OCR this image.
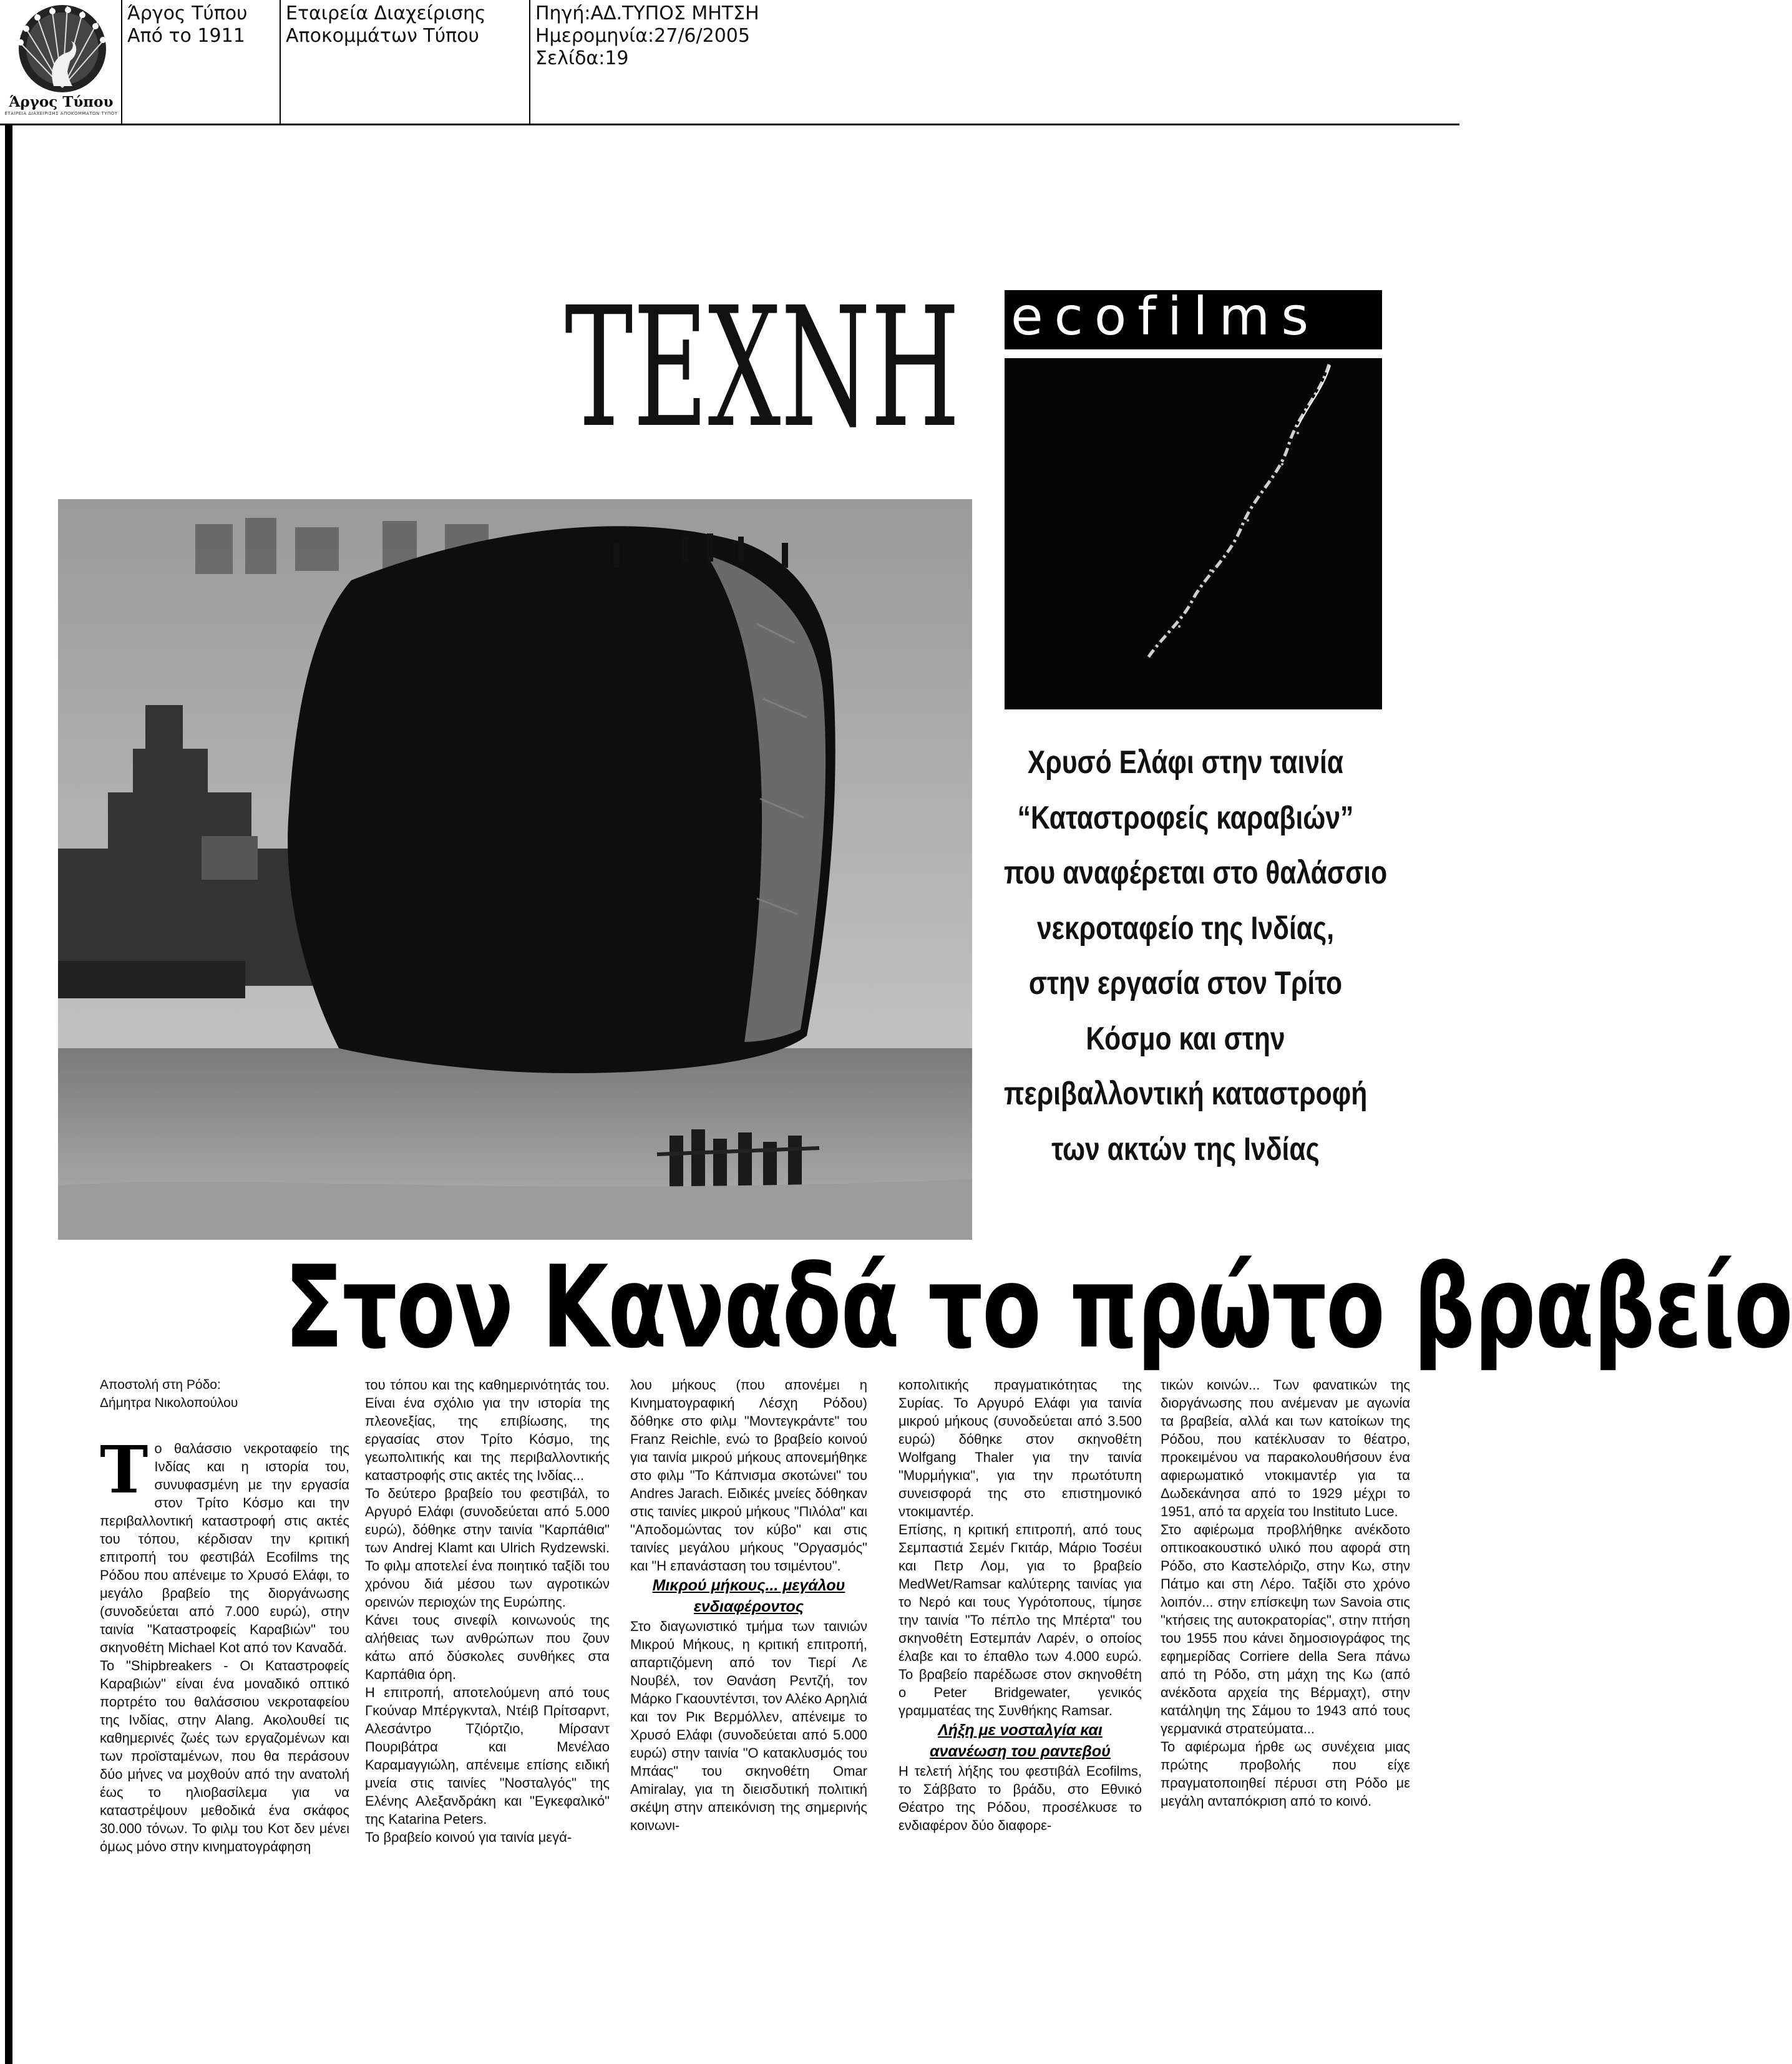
Άργος Τύπου
ΕΤΑΙΡΕΙΑ ΔΙΑΧΕΙΡΙΣΗΣ ΑΠΟΚΟΜΜΑΤΩΝ ΤΥΠΟΥ
Άργος Τύπου
Από το 1911
Εταιρεία Διαχείρισης
Αποκομμάτων Τύπου
Πηγή:ΑΔ.ΤΥΠΟΣ ΜΗΤΣΗ
Ημερομηνία:27/6/2005
Σελίδα:19
ΤΕΧΝΗ ecofilms
Χρυσό Ελάφι στην ταινία
“Καταστροφείς καραβιών”
που αναφέρεται στο θαλάσσιο
νεκροταφείο της Ινδίας,
στην εργασία στον Τρίτο
Κόσμο και στην
περιβαλλοντική καταστροφή
των ακτών της Ινδίας
Στον Καναδά το πρώτο βραβείο

Αποστολή στη Ρόδο:
Δήμητρα Νικολοπούλου

Το θαλάσσιο νεκροταφείο της Ινδίας και η ιστορία του, συνυφασμένη με την εργασία στον Τρίτο Κόσμο και την περιβαλλοντική καταστροφή στις ακτές του τόπου, κέρδισαν την κριτική επιτροπή του φεστιβάλ Ecofilms της Ρόδου που απένειμε το Χρυσό Ελάφι, το μεγάλο βραβείο της διοργάνωσης (συνοδεύεται από 7.000 ευρώ), στην ταινία "Καταστροφείς Καραβιών" του σκηνοθέτη Michael Kot από τον Καναδά.

Το "Shipbreakers - Οι Καταστροφείς Καραβιών" είναι ένα μοναδικό οπτικό πορτρέτο του θαλάσσιου νεκροταφείου της Ινδίας, στην Alang. Ακολουθεί τις καθημερινές ζωές των εργαζομένων και των προϊσταμένων, που θα περάσουν δύο μήνες να μοχθούν από την ανατολή έως το ηλιοβασίλεμα για να καταστρέψουν μεθοδικά ένα σκάφος 30.000 τόνων. Το φιλμ του Κοτ δεν μένει όμως μόνο στην κινηματογράφηση

του τόπου και της καθημερινότητάς του. Είναι ένα σχόλιο για την ιστορία της πλεονεξίας, της επιβίωσης, της εργασίας στον Τρίτο Κόσμο, της γεωπολιτικής και της περιβαλλοντικής καταστροφής στις ακτές της Ινδίας...

Το δεύτερο βραβείο του φεστιβάλ, το Αργυρό Ελάφι (συνοδεύεται από 5.000 ευρώ), δόθηκε στην ταινία "Καρπάθια" των Andrej Klamt και Ulrich Rydzewski. Το φιλμ αποτελεί ένα ποιητικό ταξίδι του χρόνου διά μέσου των αγροτικών ορεινών περιοχών της Ευρώπης.

Κάνει τους σινεφίλ κοινωνούς της αλήθειας των ανθρώπων που ζουν κάτω από δύσκολες συνθήκες στα Καρπάθια όρη.

Η επιτροπή, αποτελούμενη από τους Γκούναρ Μπέργκνταλ, Ντέιβ Πρίτσαρντ, Αλεσάντρο Τζιόρτζιο, Μίρσαντ Πουριβάτρα και Μενέλαο Καραμαγγιώλη, απένειμε επίσης ειδική μνεία στις ταινίες "Νοσταλγός" της Ελένης Αλεξανδράκη και "Εγκεφαλικό" της Katarina Peters.

Το βραβείο κοινού για ταινία μεγά-

λου μήκους (που απονέμει η Κινηματογραφική Λέσχη Ρόδου) δόθηκε στο φιλμ "Μοντεγκράντε" του Franz Reichle, ενώ το βραβείο κοινού για ταινία μικρού μήκους απονεμήθηκε στο φιλμ "Το Κάπνισμα σκοτώνει" του Andres Jarach. Ειδικές μνείες δόθηκαν στις ταινίες μικρού μήκους "Πιλόλα" και "Αποδομώντας τον κύβο" και στις ταινίες μεγάλου μήκους "Οργασμός" και "Η επανάσταση του τσιμέντου".

Μικρού μήκους... μεγάλου ενδιαφέροντος

Στο διαγωνιστικό τμήμα των ταινιών Μικρού Μήκους, η κριτική επιτροπή, απαρτιζόμενη από τον Τιερί Λε Νουβέλ, τον Θανάση Ρεντζή, τον Μάρκο Γκαουντέντσι, τον Αλέκο Αρηλιά και τον Ρικ Βερμόλλεν, απένειμε το Χρυσό Ελάφι (συνοδεύεται από 5.000 ευρώ) στην ταινία "Ο κατακλυσμός του Μπάας" του σκηνοθέτη Omar Amiralay, για τη διεισδυτική πολιτική σκέψη στην απεικόνιση της σημερινής κοινωνι-

κοπολιτικής πραγματικότητας της Συρίας. Το Αργυρό Ελάφι για ταινία μικρού μήκους (συνοδεύεται από 3.500 ευρώ) δόθηκε στον σκηνοθέτη Wolfgang Thaler για την ταινία "Μυρμήγκια", για την πρωτότυπη συνεισφορά της στο επιστημονικό ντοκιμαντέρ.

Επίσης, η κριτική επιτροπή, από τους Σεμπαστιά Σεμέν Γκιτάρ, Μάριο Τοσέυι και Πετρ Λομ, για το βραβείο MedWet/Ramsar καλύτερης ταινίας για το Νερό και τους Υγρότοπους, τίμησε την ταινία "Το πέπλο της Μπέρτα" του σκηνοθέτη Εστεμπάν Λαρέν, ο οποίος έλαβε και το έπαθλο των 4.000 ευρώ. Το βραβείο παρέδωσε στον σκηνοθέτη ο Peter Bridgewater, γενικός γραμματέας της Συνθήκης Ramsar.

Λήξη με νοσταλγία και ανανέωση του ραντεβού

Η τελετή λήξης του φεστιβάλ Ecofilms, το Σάββατο το βράδυ, στο Εθνικό Θέατρο της Ρόδου, προσέλκυσε το ενδιαφέρον δύο διαφορε-

τικών κοινών... Των φανατικών της διοργάνωσης που ανέμεναν με αγωνία τα βραβεία, αλλά και των κατοίκων της Ρόδου, που κατέκλυσαν το θέατρο, προκειμένου να παρακολουθήσουν ένα αφιερωματικό ντοκιμαντέρ για τα Δωδεκάνησα από το 1929 μέχρι το 1951, από τα αρχεία του Instituto Luce.

Στο αφιέρωμα προβλήθηκε ανέκδοτο οπτικοακουστικό υλικό που αφορά στη Ρόδο, στο Καστελόριζο, στην Κω, στην Πάτμο και στη Λέρο. Ταξίδι στο χρόνο λοιπόν... στην επίσκεψη των Savoia στις "κτήσεις της αυτοκρατορίας", στην πτήση του 1955 που κάνει δημοσιογράφος της εφημερίδας Corriere della Sera πάνω από τη Ρόδο, στη μάχη της Κω (από ανέκδοτα αρχεία της Βέρμαχτ), στην κατάληψη της Σάμου το 1943 από τους γερμανικά στρατεύματα...

Το αφιέρωμα ήρθε ως συνέχεια μιας πρώτης προβολής που είχε πραγματοποιηθεί πέρυσι στη Ρόδο με μεγάλη ανταπόκριση από το κοινό.
